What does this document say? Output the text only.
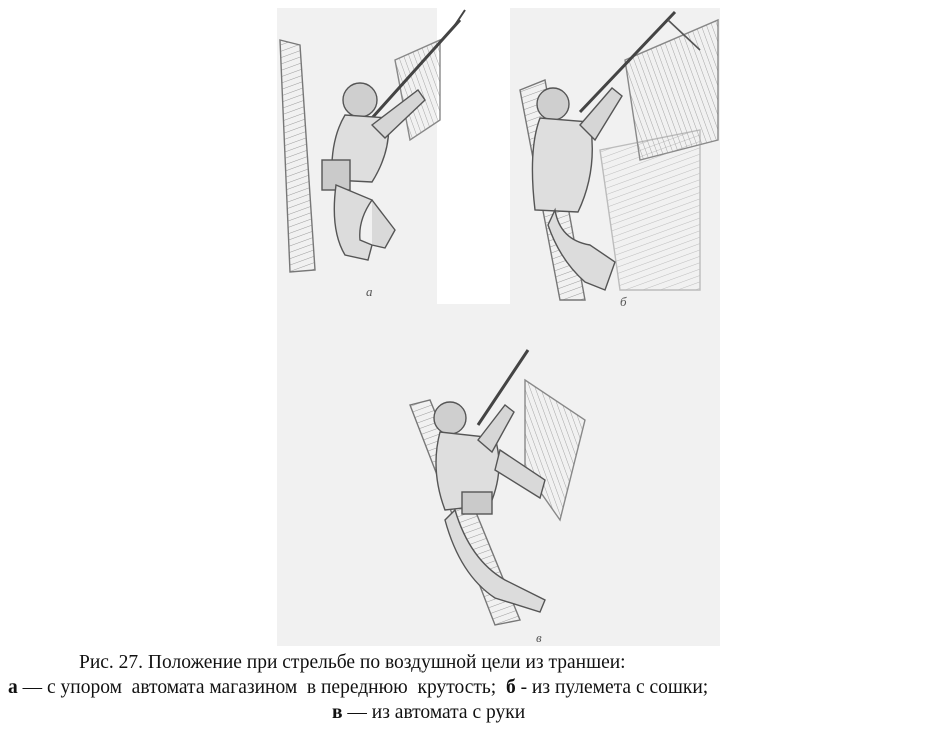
а
б
в
Рис. 27. Положение при стрельбе по воздушной цели из траншеи:
а — с упором  автомата магазином  в переднюю  крутость;  б - из пулемета с сошки;
в — из автомата с руки
